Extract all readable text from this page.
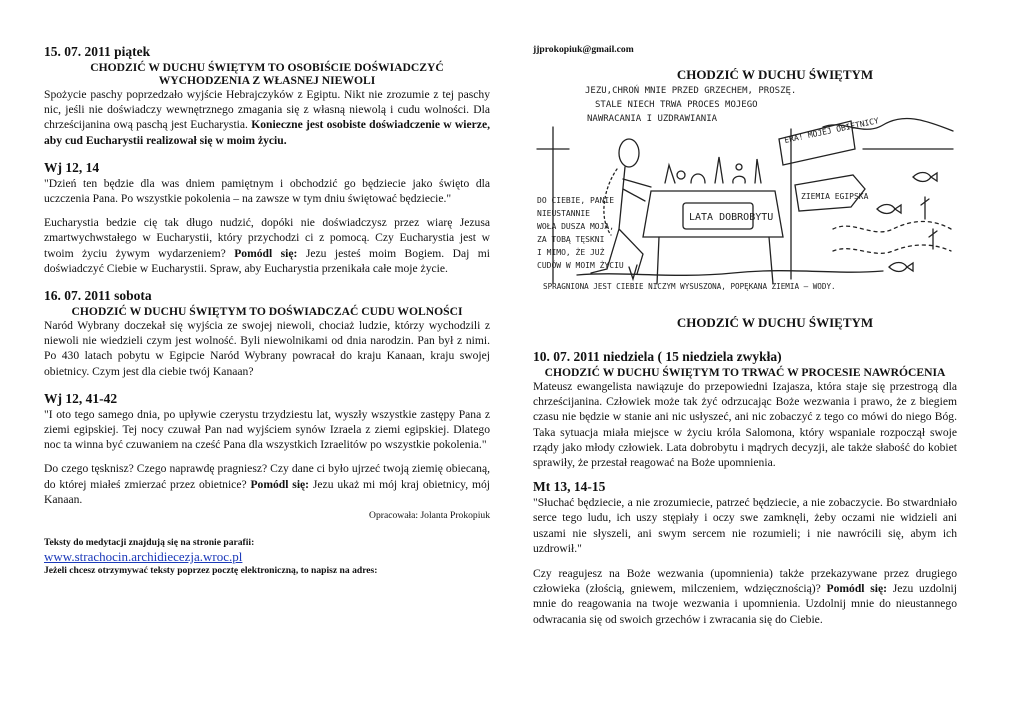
15. 07. 2011 piątek
CHODZIĆ W DUCHU ŚWIĘTYM TO OSOBIŚCIE DOŚWIADCZYĆ WYCHODZENIA Z WŁASNEJ NIEWOLI

Spożycie paschy poprzedzało wyjście Hebrajczyków z Egiptu. Nikt nie zrozumie z tej paschy nic, jeśli nie doświadczy wewnętrznego zmagania się z własną niewolą i cudu wolności. Dla chrześcijanina ową paschą jest Eucharystia. Konieczne jest osobiste doświadczenie w wierze, aby cud Eucharystii realizował się w moim życiu.

Wj 12, 14

"Dzień ten będzie dla was dniem pamiętnym i obchodzić go będziecie jako święto dla uczczenia Pana. Po wszystkie pokolenia – na zawsze w tym dniu świętować będziecie."

Eucharystia bedzie cię tak długo nudzić, dopóki nie doświadczysz przez wiarę Jezusa zmartwychwstałego w Eucharystii, który przychodzi ci z pomocą. Czy Eucharystia jest w twoim życiu żywym wydarzeniem? Pomódl się: Jezu jesteś moim Bogiem. Daj mi doświadczyć Ciebie w Eucharystii. Spraw, aby Eucharystia przenikała całe moje życie.

16. 07. 2011 sobota
CHODZIĆ W DUCHU ŚWIĘTYM TO DOŚWIADCZAĆ CUDU WOLNOŚCI

Naród Wybrany doczekał się wyjścia ze swojej niewoli, chociaż ludzie, którzy wychodzili z niewoli nie wiedzieli czym jest wolność. Byli niewolnikami od dnia narodzin. Pan był z nimi. Po 430 latach pobytu w Egipcie Naród Wybrany powracał do kraju Kanaan, kraju swojej obietnicy. Czym jest dla ciebie twój Kanaan?

Wj 12, 41-42

"I oto tego samego dnia, po upływie czerystu trzydziestu lat, wyszły wszystkie zastępy Pana z ziemi egipskiej. Tej nocy czuwał Pan nad wyjściem synów Izraela z ziemi egipskiej. Dlatego noc ta winna być czuwaniem na cześć Pana dla wszystkich Izraelitów po wszystkie pokolenia."

Do czego tęsknisz? Czego naprawdę pragniesz? Czy dane ci było ujrzeć twoją ziemię obiecaną, do której miałeś zmierzać przez obietnice? Pomódl się: Jezu ukaż mi mój kraj obietnicy, mój Kanaan.

Opracowała: Jolanta Prokopiuk
Teksty do medytacji znajdują się na stronie parafii:
www.strachocin.archidiecezja.wroc.pl
Jeżeli chcesz otrzymywać teksty poprzez pocztę elektroniczną, to napisz na adres:
jjprokopiuk@gmail.com
CHODZIĆ W DUCHU ŚWIĘTYM
JEZU,CHROŃ MNIE PRZED GRZECHEM, PROSZĘ.
STALE NIECH TRWA PROCES MOJEGO
NAWRACANIA I UZDRAWIANIA	ERA! MOJEJ OBIETNICY
LATA DOBROBYTU
ZIEMIA EGIPSKA
SPRAGNIONA JEST CIEBIE NICZYM WYSUSZONA, POPĘKANA ZIEMIA — WODY.
DO CIEBIE, PANIE
NIEUSTANNIE
WOŁA DUSZA MOJA,
ZA TOBĄ TĘSKNI
I MIMO, ŻE JUŻ
CUDÓW W MOIM ŻYCIU
CHODZIĆ W DUCHU ŚWIĘTYM
10. 07. 2011 niedziela ( 15 niedziela zwykła)
CHODZIĆ W DUCHU ŚWIĘTYM TO TRWAĆ W PROCESIE NAWRÓCENIA

Mateusz ewangelista nawiązuje do przepowiedni Izajasza, która staje się przestrogą dla chrześcijanina. Człowiek może tak żyć odrzucając Boże wezwania i prawo, że z biegiem czasu nie będzie w stanie ani nic usłyszeć, ani nic zobaczyć z tego co mówi do niego Bóg. Taka sytuacja miała miejsce w życiu króla Salomona, który wspaniale rozpoczął swoje rządy jako młody człowiek. Lata dobrobytu i mądrych decyzji, ale także słabość do kobiet sprawiły, że przestał reagować na Boże upomnienia.

Mt 13, 14-15

"Słuchać będziecie, a nie zrozumiecie, patrzeć będziecie, a nie zobaczycie. Bo stwardniało serce tego ludu, ich uszy stępiały i oczy swe zamknęli, żeby oczami nie widzieli ani uszami nie słyszeli, ani swym sercem nie rozumieli; i nie nawrócili się, abym ich uzdrowił."

Czy reagujesz na Boże wezwania (upomnienia) także przekazywane przez drugiego człowieka (złością, gniewem, milczeniem, wdzięcznością)? Pomódl się: Jezu uzdolnij mnie do reagowania na twoje wezwania i upomnienia. Uzdolnij mnie do nieustannego odwracania się od swoich grzechów i zwracania się do Ciebie.
